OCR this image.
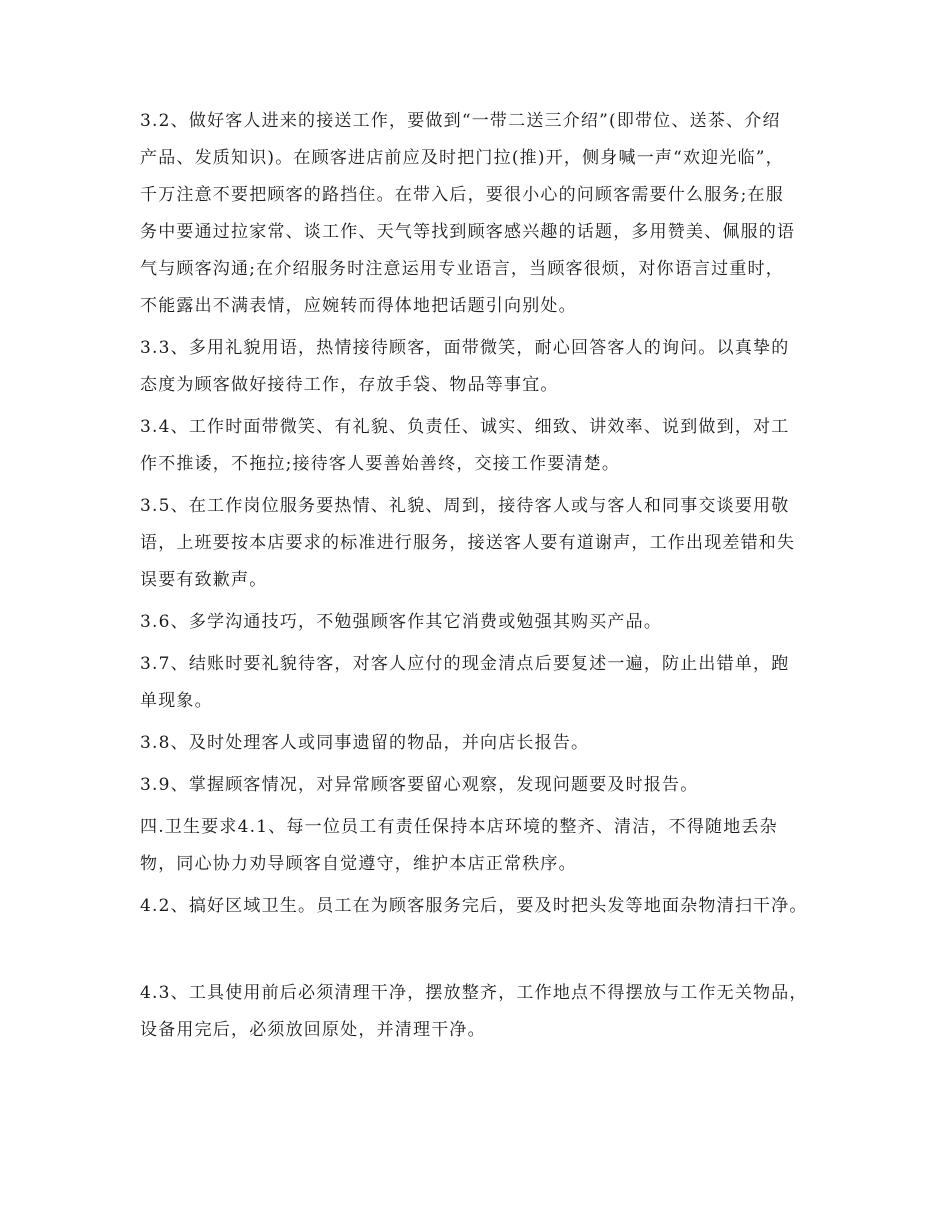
3.2、做好客人进来的接送工作，要做到“一带二送三介绍”(即带位、送茶、介绍
产品、发质知识)。在顾客进店前应及时把门拉(推)开，侧身喊一声“欢迎光临”，
千万注意不要把顾客的路挡住。在带入后，要很小心的问顾客需要什么服务;在服
务中要通过拉家常、谈工作、天气等找到顾客感兴趣的话题，多用赞美、佩服的语
气与顾客沟通;在介绍服务时注意运用专业语言，当顾客很烦，对你语言过重时，
不能露出不满表情，应婉转而得体地把话题引向别处。
3.3、多用礼貌用语，热情接待顾客，面带微笑，耐心回答客人的询问。以真挚的
态度为顾客做好接待工作，存放手袋、物品等事宜。
3.4、工作时面带微笑、有礼貌、负责任、诚实、细致、讲效率、说到做到，对工
作不推诿，不拖拉;接待客人要善始善终，交接工作要清楚。
3.5、在工作岗位服务要热情、礼貌、周到，接待客人或与客人和同事交谈要用敬
语，上班要按本店要求的标准进行服务，接送客人要有道谢声，工作出现差错和失
误要有致歉声。
3.6、多学沟通技巧，不勉强顾客作其它消费或勉强其购买产品。
3.7、结账时要礼貌待客，对客人应付的现金清点后要复述一遍，防止出错单，跑
单现象。
3.8、及时处理客人或同事遗留的物品，并向店长报告。
3.9、掌握顾客情况，对异常顾客要留心观察，发现问题要及时报告。
四.卫生要求4.1、每一位员工有责任保持本店环境的整齐、清洁，不得随地丢杂
物，同心协力劝导顾客自觉遵守，维护本店正常秩序。
4.2、搞好区域卫生。员工在为顾客服务完后，要及时把头发等地面杂物清扫干净。
4.3、工具使用前后必须清理干净，摆放整齐，工作地点不得摆放与工作无关物品，
设备用完后，必须放回原处，并清理干净。
